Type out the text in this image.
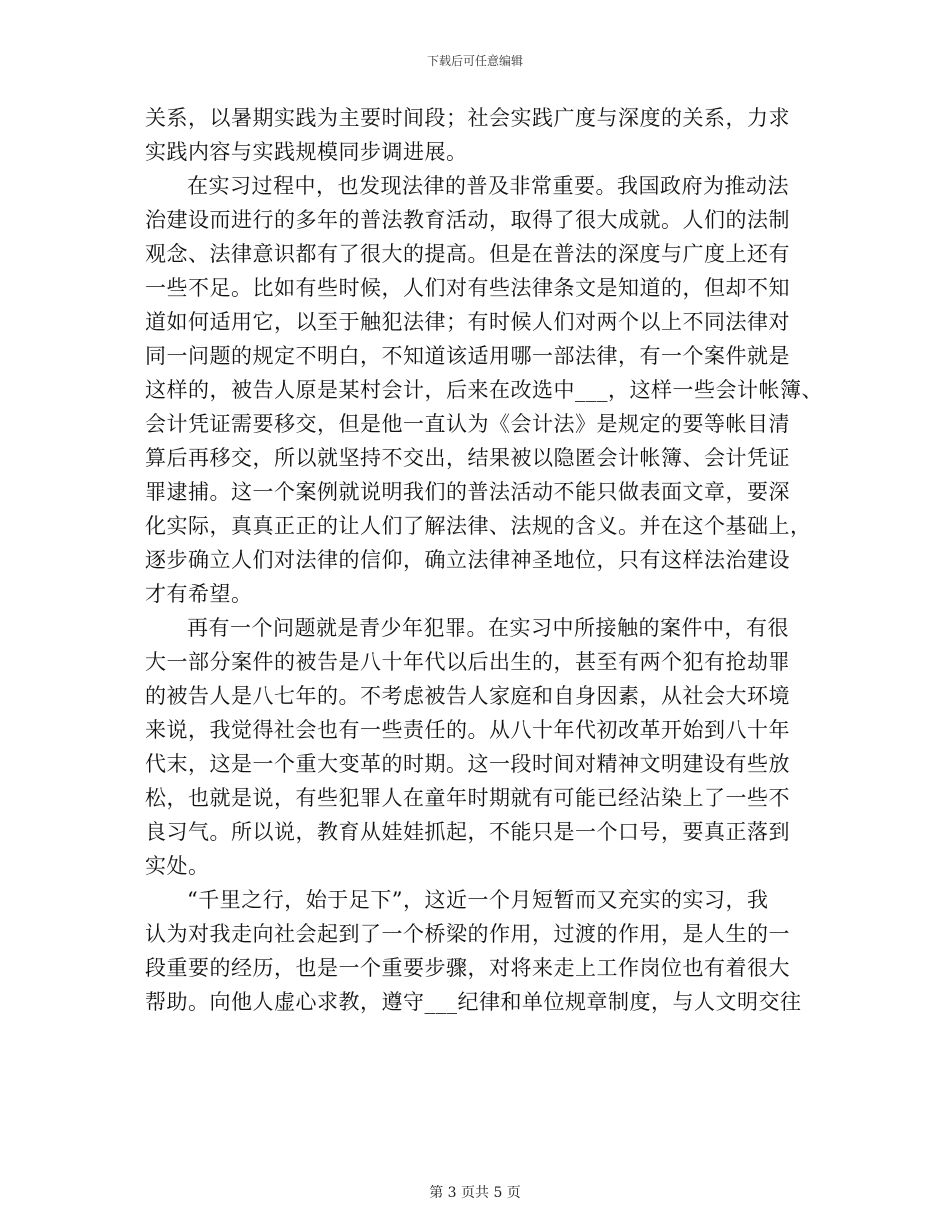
下载后可任意编辑
关系，以暑期实践为主要时间段；社会实践广度与深度的关系，力求
实践内容与实践规模同步调进展。
在实习过程中，也发现法律的普及非常重要。我国政府为推动法
治建设而进行的多年的普法教育活动，取得了很大成就。人们的法制
观念、法律意识都有了很大的提高。但是在普法的深度与广度上还有
一些不足。比如有些时候，人们对有些法律条文是知道的，但却不知
道如何适用它，以至于触犯法律；有时候人们对两个以上不同法律对
同一问题的规定不明白，不知道该适用哪一部法律，有一个案件就是
这样的，被告人原是某村会计，后来在改选中___，这样一些会计帐簿、
会计凭证需要移交，但是他一直认为《会计法》是规定的要等帐目清
算后再移交，所以就坚持不交出，结果被以隐匿会计帐簿、会计凭证
罪逮捕。这一个案例就说明我们的普法活动不能只做表面文章，要深
化实际，真真正正的让人们了解法律、法规的含义。并在这个基础上，
逐步确立人们对法律的信仰，确立法律神圣地位，只有这样法治建设
才有希望。
再有一个问题就是青少年犯罪。在实习中所接触的案件中，有很
大一部分案件的被告是八十年代以后出生的，甚至有两个犯有抢劫罪
的被告人是八七年的。不考虑被告人家庭和自身因素，从社会大环境
来说，我觉得社会也有一些责任的。从八十年代初改革开始到八十年
代末，这是一个重大变革的时期。这一段时间对精神文明建设有些放
松，也就是说，有些犯罪人在童年时期就有可能已经沾染上了一些不
良习气。所以说，教育从娃娃抓起，不能只是一个口号，要真正落到
实处。
“千里之行，始于足下”，这近一个月短暂而又充实的实习，我
认为对我走向社会起到了一个桥梁的作用，过渡的作用，是人生的一
段重要的经历，也是一个重要步骤，对将来走上工作岗位也有着很大
帮助。向他人虚心求教，遵守___纪律和单位规章制度，与人文明交往
第 3 页共 5 页
